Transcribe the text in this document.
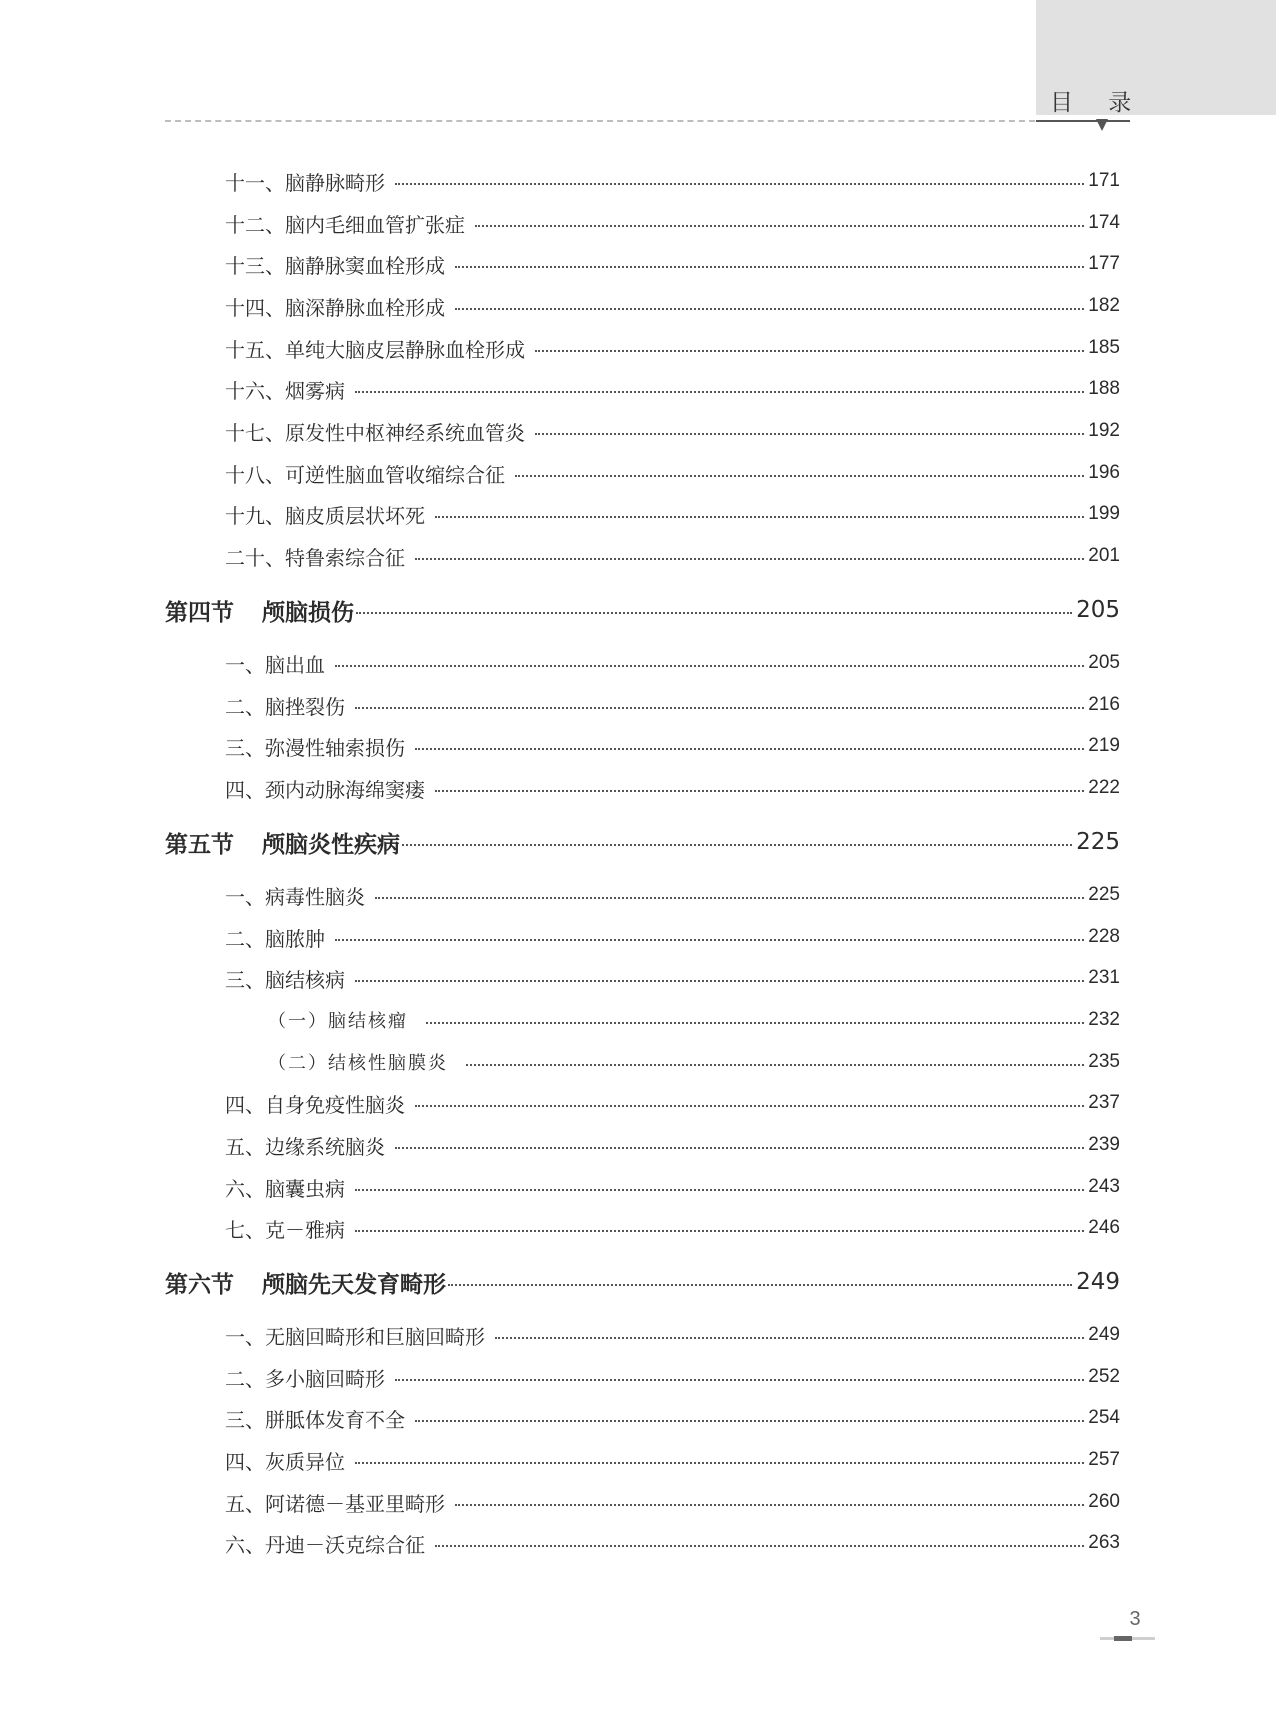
目 录
十一、脑静脉畸形	171
十二、脑内毛细血管扩张症	174
十三、脑静脉窦血栓形成	177
十四、脑深静脉血栓形成	182
十五、单纯大脑皮层静脉血栓形成	185
十六、烟雾病	188
十七、原发性中枢神经系统血管炎	192
十八、可逆性脑血管收缩综合征	196
十九、脑皮质层状坏死	199
二十、特鲁索综合征	201
第四节 颅脑损伤	205
一、脑出血	205
二、脑挫裂伤	216
三、弥漫性轴索损伤	219
四、颈内动脉海绵窦瘘	222
第五节 颅脑炎性疾病	225
一、病毒性脑炎	225
二、脑脓肿	228
三、脑结核病	231
（一）脑结核瘤	232
（二）结核性脑膜炎	235
四、自身免疫性脑炎	237
五、边缘系统脑炎	239
六、脑囊虫病	243
七、克－雅病	246
第六节 颅脑先天发育畸形	249
一、无脑回畸形和巨脑回畸形	249
二、多小脑回畸形	252
三、胼胝体发育不全	254
四、灰质异位	257
五、阿诺德－基亚里畸形	260
六、丹迪－沃克综合征	263
3
